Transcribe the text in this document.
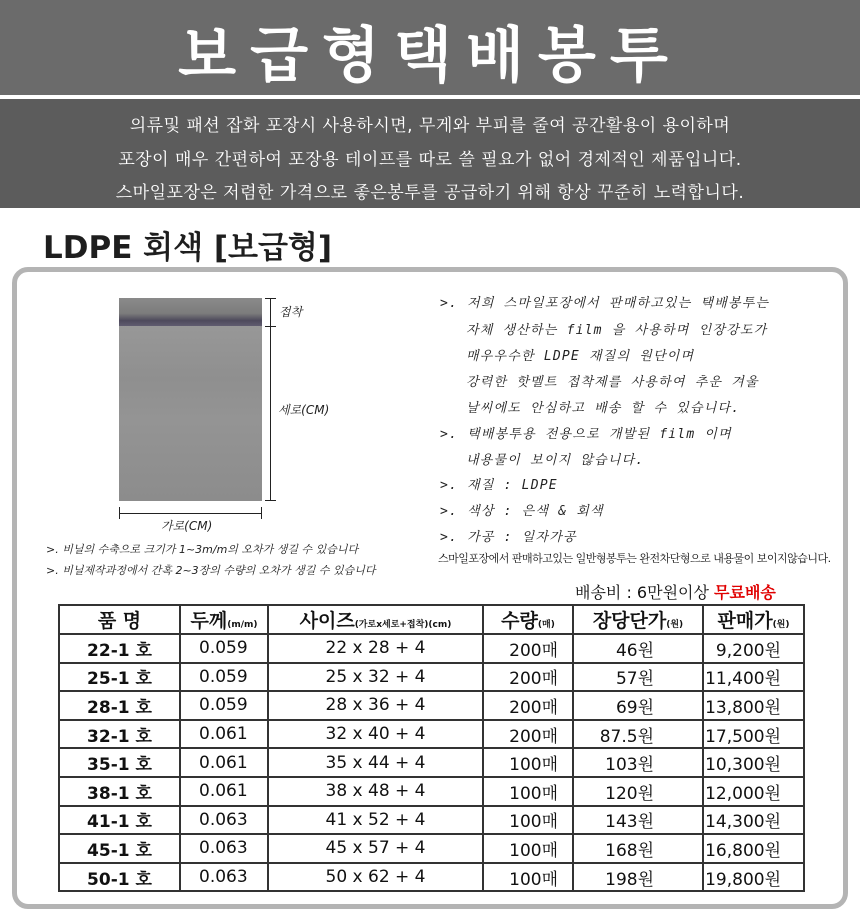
보급형택배봉투
의류및 패션 잡화 포장시 사용하시면, 무게와 부피를 줄여 공간활용이 용이하며
포장이 매우 간편하여 포장용 테이프를 따로 쓸 필요가 없어 경제적인 제품입니다.
스마일포장은 저렴한 가격으로 좋은봉투를 공급하기 위해 항상 꾸준히 노력합니다.
LDPE 회색 [보급형]
접착
세로(CM)
가로(CM)
>. 비닐의 수축으로 크기가 1~3m/m의 오차가 생길 수 있습니다
>. 비닐제작과정에서 간혹 2~3장의 수량의 오차가 생길 수 있습니다
>. 저희 스마일포장에서 판매하고있는 택배봉투는
자체 생산하는 film 을 사용하며 인장강도가
매우우수한 LDPE 재질의 원단이며
강력한 핫멜트 접착제를 사용하여 추운 겨울
날씨에도 안심하고 배송 할 수 있습니다.
>. 택배봉투용 전용으로 개발된 film 이며
내용물이 보이지 않습니다.
>. 재질 : LDPE
>. 색상 : 은색 & 회색
>. 가공 : 일자가공
스마일포장에서 판매하고있는 일반형봉투는 완전차단형으로 내용물이 보이지않습니다.
배송비 : 6만원이상 무료배송
품 명	두께(m/m)	사이즈(가로x세로+접착)(cm)	수량(매)	장당단가(원)	판매가(원)
22-1 호	0.059	22 x 28 + 4	200매	46원	9,200원
25-1 호	0.059	25 x 32 + 4	200매	57원	11,400원
28-1 호	0.059	28 x 36 + 4	200매	69원	13,800원
32-1 호	0.061	32 x 40 + 4	200매	87.5원	17,500원
35-1 호	0.061	35 x 44 + 4	100매	103원	10,300원
38-1 호	0.061	38 x 48 + 4	100매	120원	12,000원
41-1 호	0.063	41 x 52 + 4	100매	143원	14,300원
45-1 호	0.063	45 x 57 + 4	100매	168원	16,800원
50-1 호	0.063	50 x 62 + 4	100매	198원	19,800원
